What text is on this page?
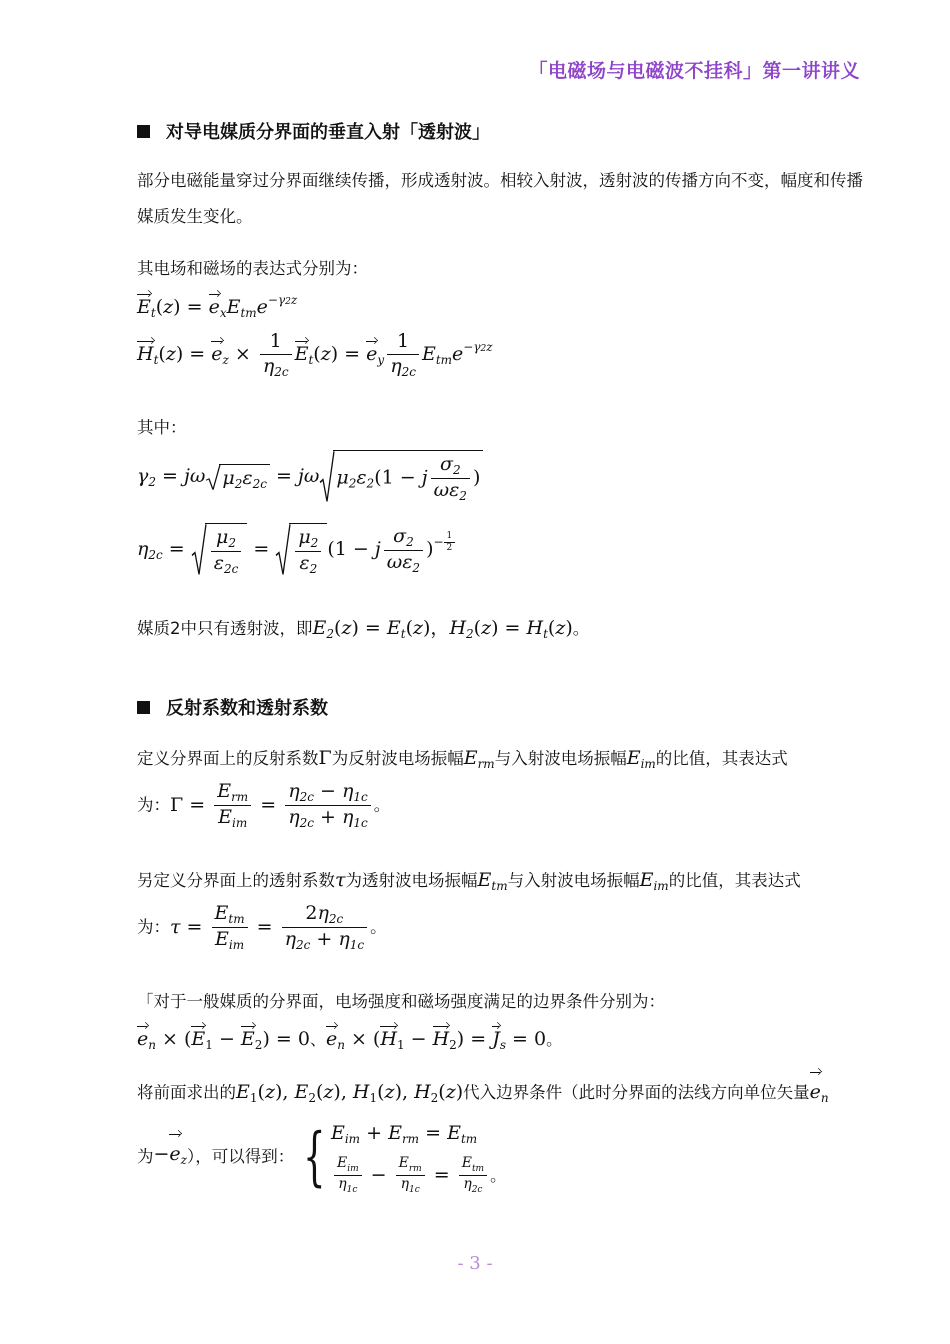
「电磁场与电磁波不挂科」第一讲讲义
对导电媒质分界面的垂直入射「透射波」
部分电磁能量穿过分界面继续传播，形成透射波。相较入射波，透射波的传播方向不变，幅度和传播媒质发生变化。
其电场和磁场的表达式分别为：
$E_t(z) = e_xE_{tm}e^{-\gamma 2z}$
$H_t(z) = e_z \times \frac{1}{\eta_{2c}} E_t(z) = e_y \frac{1}{\eta_{2c}} E_{tm}e^{-\gamma 2z}$
其中：
$\gamma_2 = j\omega$ $\mu_2\varepsilon_{2c} = j\omega$ $\mu_2\varepsilon_2(1 - j \frac{\sigma_2}{\omega\varepsilon_2}$ )
$\eta_{2c} = \frac{\mu_2}{\varepsilon_{2c}} = \frac{\mu_2}{\varepsilon_2} (1 - j \frac{\sigma_2}{\omega\varepsilon_2} )^{- \frac{1}{2}}$
媒质2中只有透射波，即$E_2(z) = E_t(z)$，$H_2(z) = H_t(z)$。
反射系数和透射系数
定义分界面上的反射系数Γ为反射波电场振幅$E_{rm}$与入射波电场振幅$E_{im}$的比值，其表达式
为：$\Gamma = \frac{E_{rm}}{E_{im}} = \frac{\eta_{2c} - \eta_{1c}}{\eta_{2c} + \eta_{1c}}$ 。
另定义分界面上的透射系数τ为透射波电场振幅$E_{tm}$与入射波电场振幅$E_{im}$的比值，其表达式
为：$\tau = \frac{E_{tm}}{E_{im}} = \frac{2\eta_{2c}}{\eta_{2c} + \eta_{1c}}$ 。
「对于一般媒质的分界面，电场强度和磁场强度满足的边界条件分别为：
$e_n \times (E_1 - E_2) = 0$、$e_n \times (H_1 - H_2) = J_s = 0$。
将前面求出的$E_1(z)$, $E_2(z)$, $H_1(z)$, $H_2(z)$代入边界条件（此时分界面的法线方向单位矢量$e_n$
为$-e_z$），可以得到： { $E_{im} + E_{rm} = E_{tm}$
$\frac{E_{im}}{\eta_{1c}} - \frac{E_{rm}}{\eta_{1c}} = \frac{E_{tm}}{\eta_{2c}}$ 。
- 3 -
